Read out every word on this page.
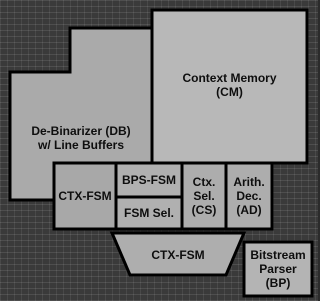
Context Memory
(CM)
De-Binarizer (DB)
w/ Line Buffers
CTX-FSM
BPS-FSM
FSM Sel.
Ctx.
Sel.
(CS)
Arith.
Dec.
(AD)
CTX-FSM	Bitstream
Parser
(BP)
